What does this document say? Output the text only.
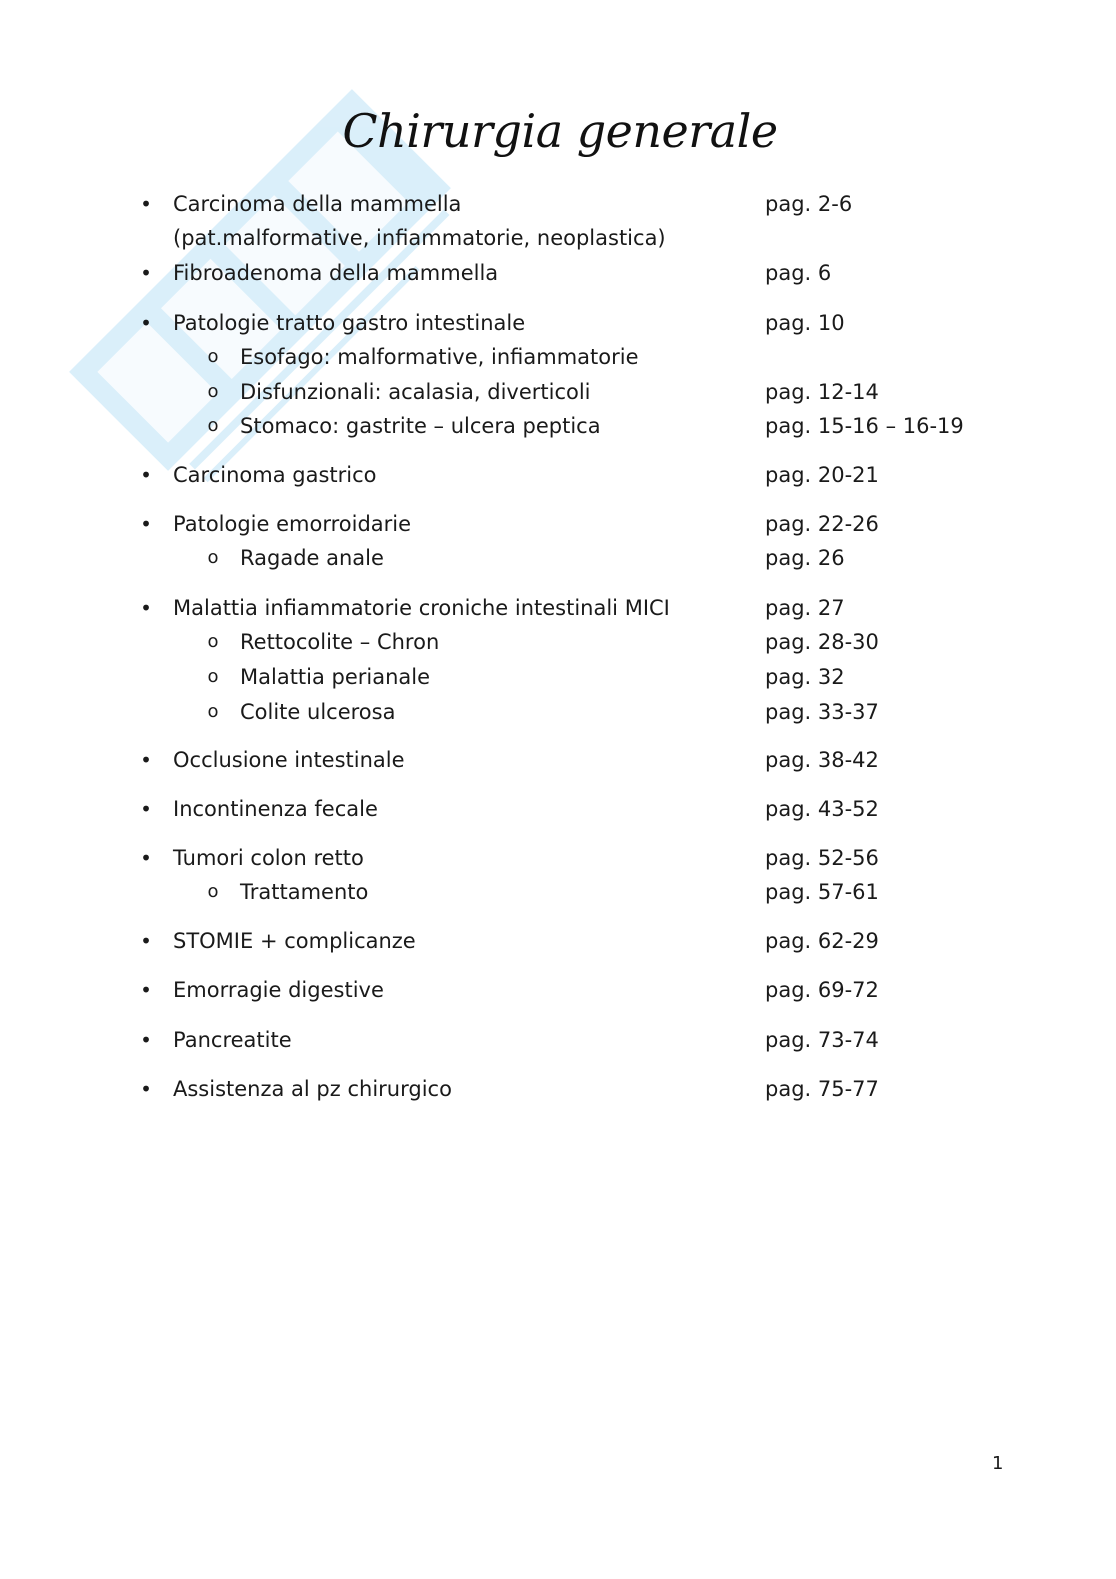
Chirurgia generale
• Carcinoma della mammella	pag. 2-6
(pat.malformative, infiammatorie, neoplastica)
• Fibroadenoma della mammella	pag. 6
• Patologie tratto gastro intestinale	pag. 10
o Esofago: malformative, infiammatorie
o Disfunzionali: acalasia, diverticoli	pag. 12-14
o Stomaco: gastrite – ulcera peptica	pag. 15-16 – 16-19
• Carcinoma gastrico	pag. 20-21
• Patologie emorroidarie	pag. 22-26
o Ragade anale	pag. 26
• Malattia infiammatorie croniche intestinali MICI	pag. 27
o Rettocolite – Chron	pag. 28-30
o Malattia perianale	pag. 32
o Colite ulcerosa	pag. 33-37
• Occlusione intestinale	pag. 38-42
• Incontinenza fecale	pag. 43-52
• Tumori colon retto	pag. 52-56
o Trattamento	pag. 57-61
• STOMIE + complicanze	pag. 62-29
• Emorragie digestive	pag. 69-72
• Pancreatite	pag. 73-74
• Assistenza al pz chirurgico	pag. 75-77
1
